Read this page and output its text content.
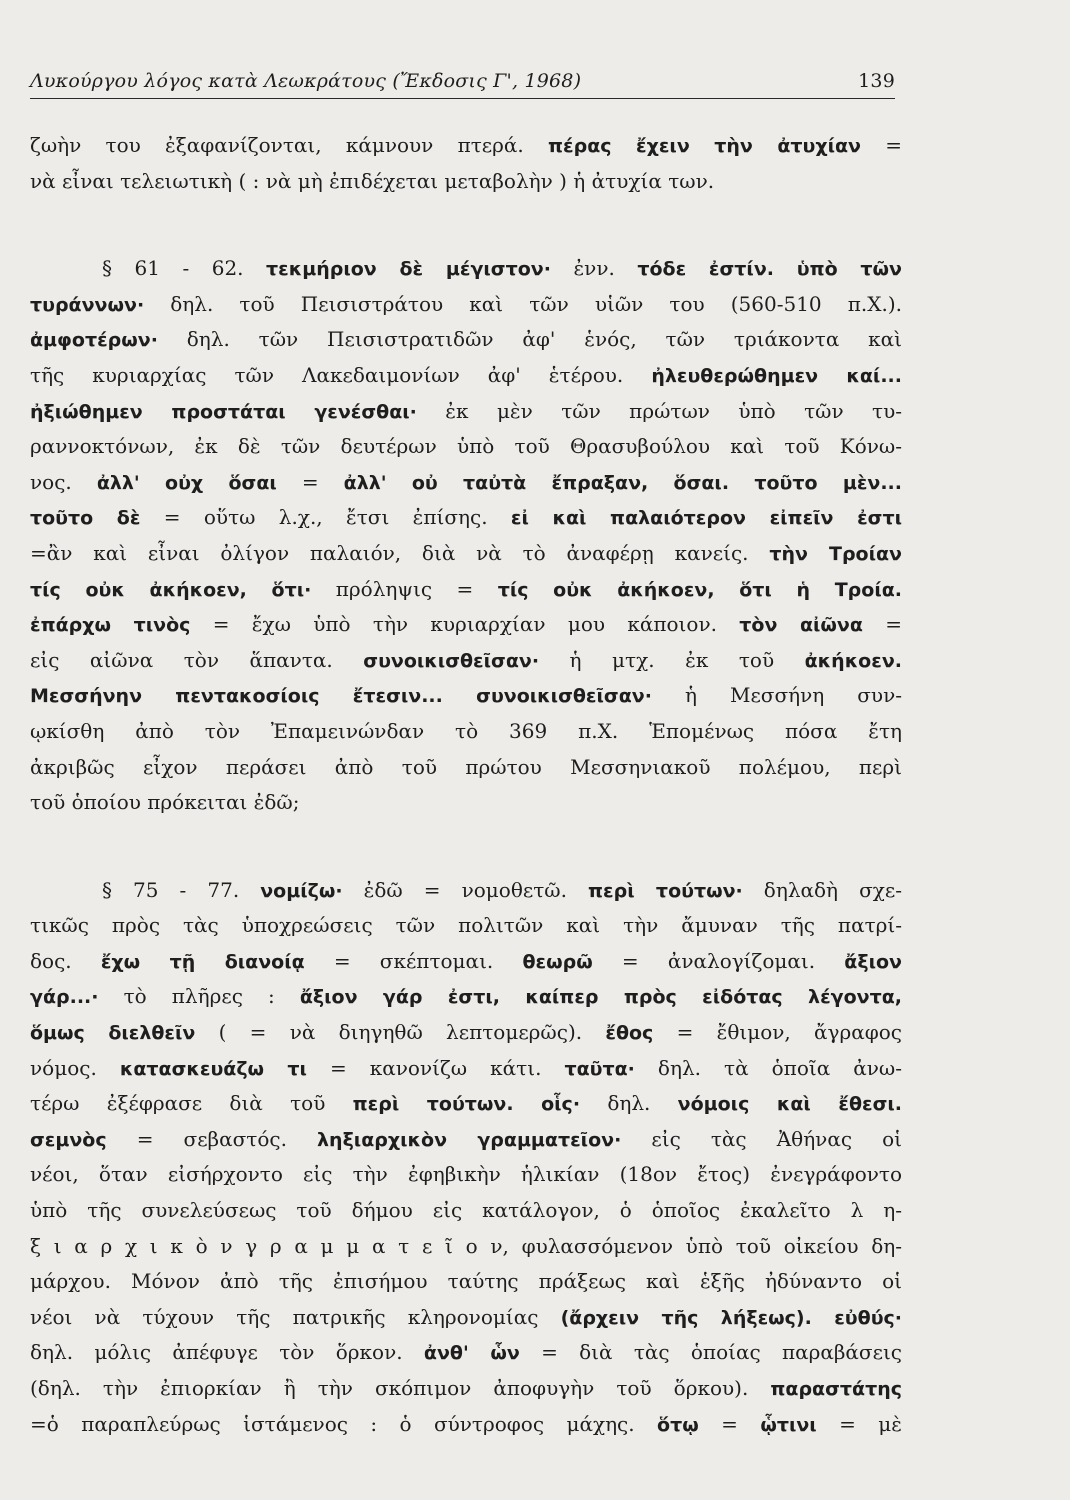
Λυκούργου λόγος κατὰ Λεωκράτους (Ἔκδοσις Γ', 1968)	139
ζωὴν του ἐξαφανίζονται, κάμνουν πτερά. πέρας ἔχειν τὴν ἀτυχίαν =
νὰ εἶναι τελειωτικὴ ( : νὰ μὴ ἐπιδέχεται μεταβολὴν ) ἡ ἀτυχία των.
§ 61 - 62. τεκμήριον δὲ μέγιστον· ἐνν. τόδε ἐστίν. ὑπὸ τῶν
τυράννων· δηλ. τοῦ Πεισιστράτου καὶ τῶν υἱῶν του (560-510 π.Χ.).
ἀμφοτέρων· δηλ. τῶν Πεισιστρατιδῶν ἀφ' ἑνός, τῶν τριάκοντα καὶ
τῆς κυριαρχίας τῶν Λακεδαιμονίων ἀφ' ἑτέρου. ἠλευθερώθημεν καί...
ἠξιώθημεν προστάται γενέσθαι· ἐκ μὲν τῶν πρώτων ὑπὸ τῶν τυ-
ραννοκτόνων, ἐκ δὲ τῶν δευτέρων ὑπὸ τοῦ Θρασυβούλου καὶ τοῦ Κόνω-
νος. ἀλλ' οὐχ ὅσαι = ἀλλ' οὐ ταὐτὰ ἔπραξαν, ὅσαι. τοῦτο μὲν...
τοῦτο δὲ = οὕτω λ.χ., ἔτσι ἐπίσης. εἰ καὶ παλαιότερον εἰπεῖν ἐστι
=ἂν καὶ εἶναι ὀλίγον παλαιόν, διὰ νὰ τὸ ἀναφέρῃ κανείς. τὴν Τροίαν
τίς οὐκ ἀκήκοεν, ὅτι· πρόληψις = τίς οὐκ ἀκήκοεν, ὅτι ἡ Τροία.
ἐπάρχω τινὸς = ἔχω ὑπὸ τὴν κυριαρχίαν μου κάποιον. τὸν αἰῶνα =
εἰς αἰῶνα τὸν ἅπαντα. συνοικισθεῖσαν· ἡ μτχ. ἐκ τοῦ ἀκήκοεν.
Μεσσήνην πεντακοσίοις ἔτεσιν... συνοικισθεῖσαν· ἡ Μεσσήνη συν-
ῳκίσθη ἀπὸ τὸν Ἐπαμεινώνδαν τὸ 369 π.Χ. Ἑπομένως πόσα ἔτη
ἀκριβῶς εἶχον περάσει ἀπὸ τοῦ πρώτου Μεσσηνιακοῦ πολέμου, περὶ
τοῦ ὁποίου πρόκειται ἐδῶ;
§ 75 - 77. νομίζω· ἐδῶ = νομοθετῶ. περὶ τούτων· δηλαδὴ σχε-
τικῶς πρὸς τὰς ὑποχρεώσεις τῶν πολιτῶν καὶ τὴν ἄμυναν τῆς πατρί-
δος. ἔχω τῇ διανοίᾳ = σκέπτομαι. θεωρῶ = ἀναλογίζομαι. ἄξιον
γάρ...· τὸ πλῆρες : ἄξιον γάρ ἐστι, καίπερ πρὸς εἰδότας λέγοντα,
ὅμως διελθεῖν ( = νὰ διηγηθῶ λεπτομερῶς). ἔθος = ἔθιμον, ἄγραφος
νόμος. κατασκευάζω τι = κανονίζω κάτι. ταῦτα· δηλ. τὰ ὁποῖα ἀνω-
τέρω ἐξέφρασε διὰ τοῦ περὶ τούτων. οἷς· δηλ. νόμοις καὶ ἔθεσι.
σεμνὸς = σεβαστός. ληξιαρχικὸν γραμματεῖον· εἰς τὰς Ἀθήνας οἱ
νέοι, ὅταν εἰσήρχοντο εἰς τὴν ἐφηβικὴν ἡλικίαν (18ον ἔτος) ἐνεγράφοντο
ὑπὸ τῆς συνελεύσεως τοῦ δήμου εἰς κατάλογον, ὁ ὁποῖος ἐκαλεῖτο λ η-
ξ ι α ρ χ ι κ ὸ ν γ ρ α μ μ α τ ε ῖ ο ν, φυλασσόμενον ὑπὸ τοῦ οἰκείου δη-
μάρχου. Μόνον ἀπὸ τῆς ἐπισήμου ταύτης πράξεως καὶ ἑξῆς ἠδύναντο οἱ
νέοι νὰ τύχουν τῆς πατρικῆς κληρονομίας (ἄρχειν τῆς λήξεως). εὐθύς·
δηλ. μόλις ἀπέφυγε τὸν ὅρκον. ἀνθ' ὧν = διὰ τὰς ὁποίας παραβάσεις
(δηλ. τὴν ἐπιορκίαν ἢ τὴν σκόπιμον ἀποφυγὴν τοῦ ὅρκου). παραστάτης
=ὁ παραπλεύρως ἱστάμενος : ὁ σύντροφος μάχης. ὅτῳ = ᾧτινι = μὲ
